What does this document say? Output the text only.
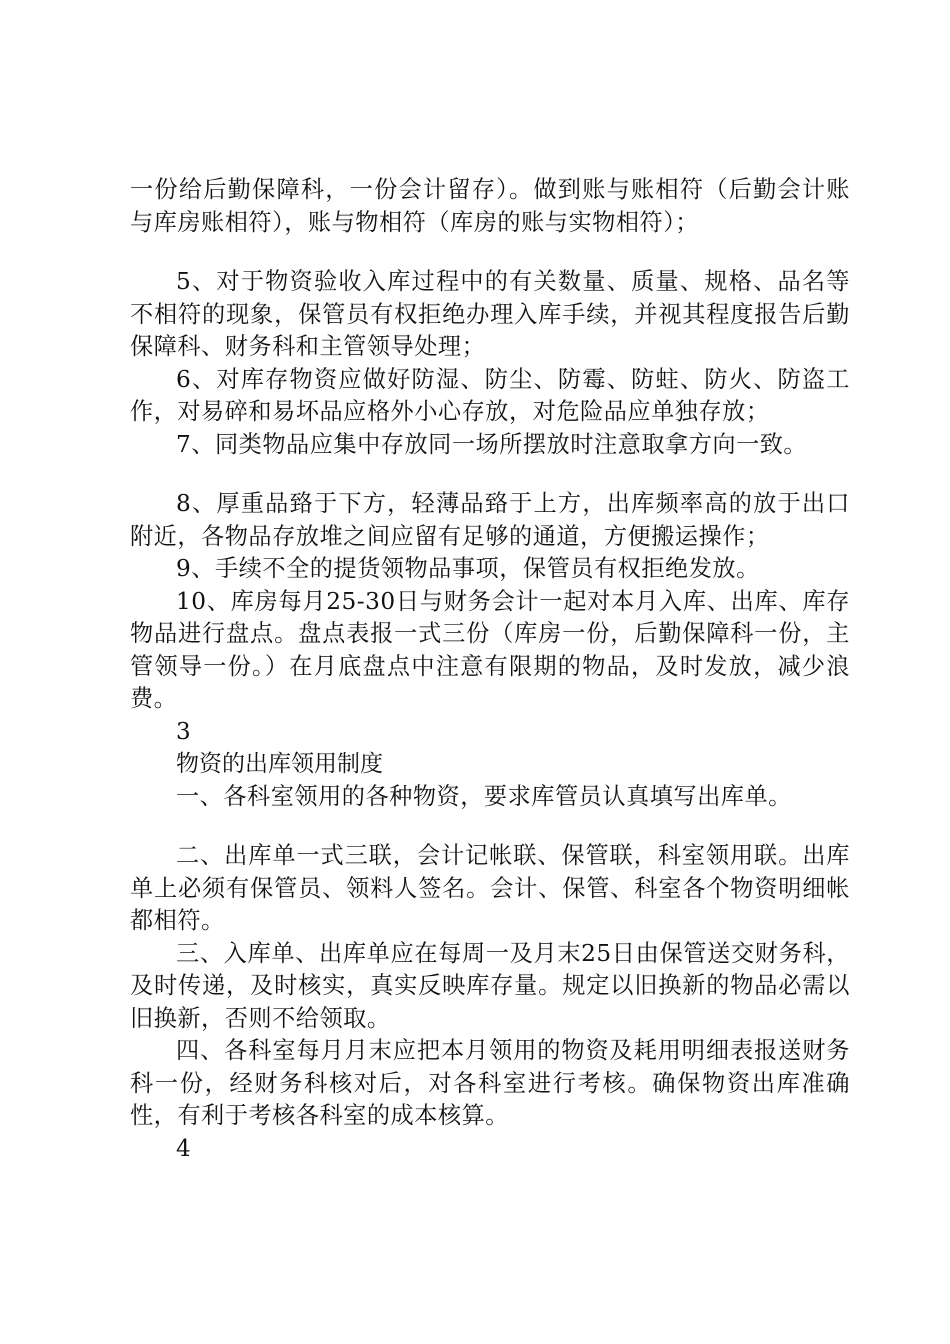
一份给后勤保障科，一份会计留存）。做到账与账相符（后勤会计账与库房账相符），账与物相符（库房的账与实物相符）；

5、对于物资验收入库过程中的有关数量、质量、规格、品名等不相符的现象，保管员有权拒绝办理入库手续，并视其程度报告后勤保障科、财务科和主管领导处理；

6、对库存物资应做好防湿、防尘、防霉、防蛀、防火、防盗工作，对易碎和易坏品应格外小心存放，对危险品应单独存放；

7、同类物品应集中存放同一场所摆放时注意取拿方向一致。

8、厚重品臵于下方，轻薄品臵于上方，出库频率高的放于出口附近，各物品存放堆之间应留有足够的通道，方便搬运操作；

9、手续不全的提货领物品事项，保管员有权拒绝发放。

10、库房每月25-30日与财务会计一起对本月入库、出库、库存物品进行盘点。盘点表报一式三份（库房一份，后勤保障科一份，主管领导一份。）在月底盘点中注意有限期的物品，及时发放，减少浪费。

3

物资的出库领用制度

一、各科室领用的各种物资，要求库管员认真填写出库单。

二、出库单一式三联，会计记帐联、保管联，科室领用联。出库单上必须有保管员、领料人签名。会计、保管、科室各个物资明细帐都相符。

三、入库单、出库单应在每周一及月末25日由保管送交财务科，及时传递，及时核实，真实反映库存量。规定以旧换新的物品必需以旧换新，否则不给领取。

四、各科室每月月末应把本月领用的物资及耗用明细表报送财务科一份，经财务科核对后，对各科室进行考核。确保物资出库准确性，有利于考核各科室的成本核算。

4
